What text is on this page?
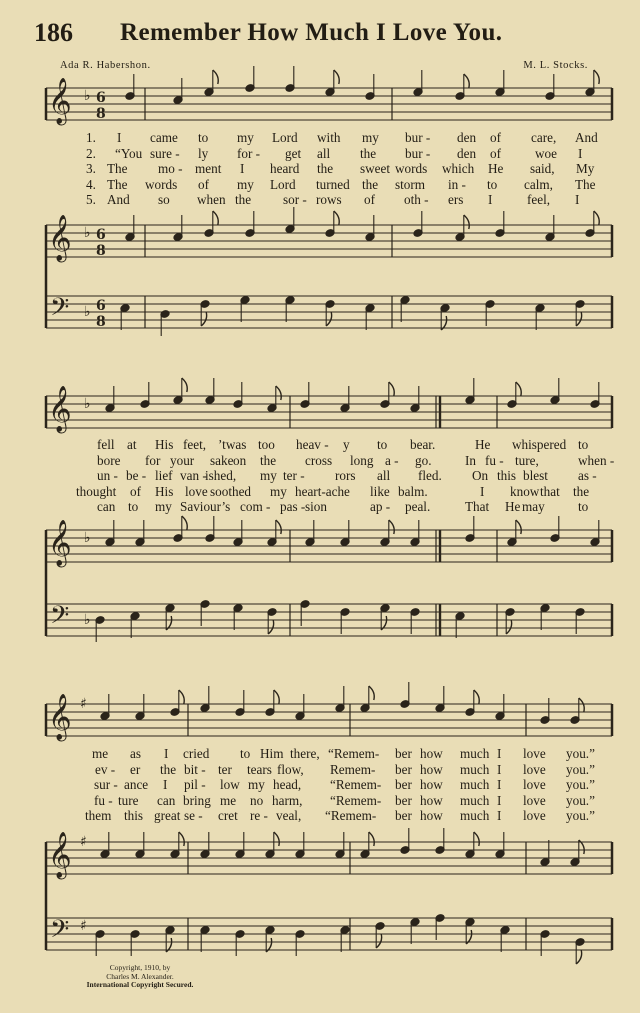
186 Remember How Much I Love You.
Ada R. Habershon.	M. L. Stocks.
𝄞 ♭ 6
8
𝄞 ♭ 6
8
𝄢 ♭ 6
8
𝄞 ♭
𝄞 ♭
𝄢 ♭
𝄞 ♯
𝄞 ♯
𝄢 ♯
1. I came to my Lord with my bur - den of care, And
2. “You sure - ly for - get all the bur - den of	woe I
3. The mo - ment I heard the sweet words which He said, My
4. The words of my Lord turned the storm in - to calm, The
5. And so when the sor - rows of oth - ers I	feel, I
fell at His feet, ’twas too heav - y to bear.	He whispered to
bore for your sake on the cross long a - go.	In fu - ture,	when -
un - be - lief van -
ished, my ter - rors all fled. On this blest as -
thought of His love soothed my heart-ache like balm.	I know that the
can to my Saviour’s com - pas - sion	ap - peal.	That He may	to
me as I cried to Him there, “Remem- ber how much I love you.”
ev - er the bit - ter tears flow, Remem- ber how much I love you.”
sur - ance I pil - low my head, “Remem- ber how much I love you.”
fu - ture can bring me no harm, “Remem- ber how much I love you.”
them this great se - cret re - veal, “Remem- ber how much I love you.”
Copyright, 1910, by
Charles M. Alexander.
International Copyright Secured.
